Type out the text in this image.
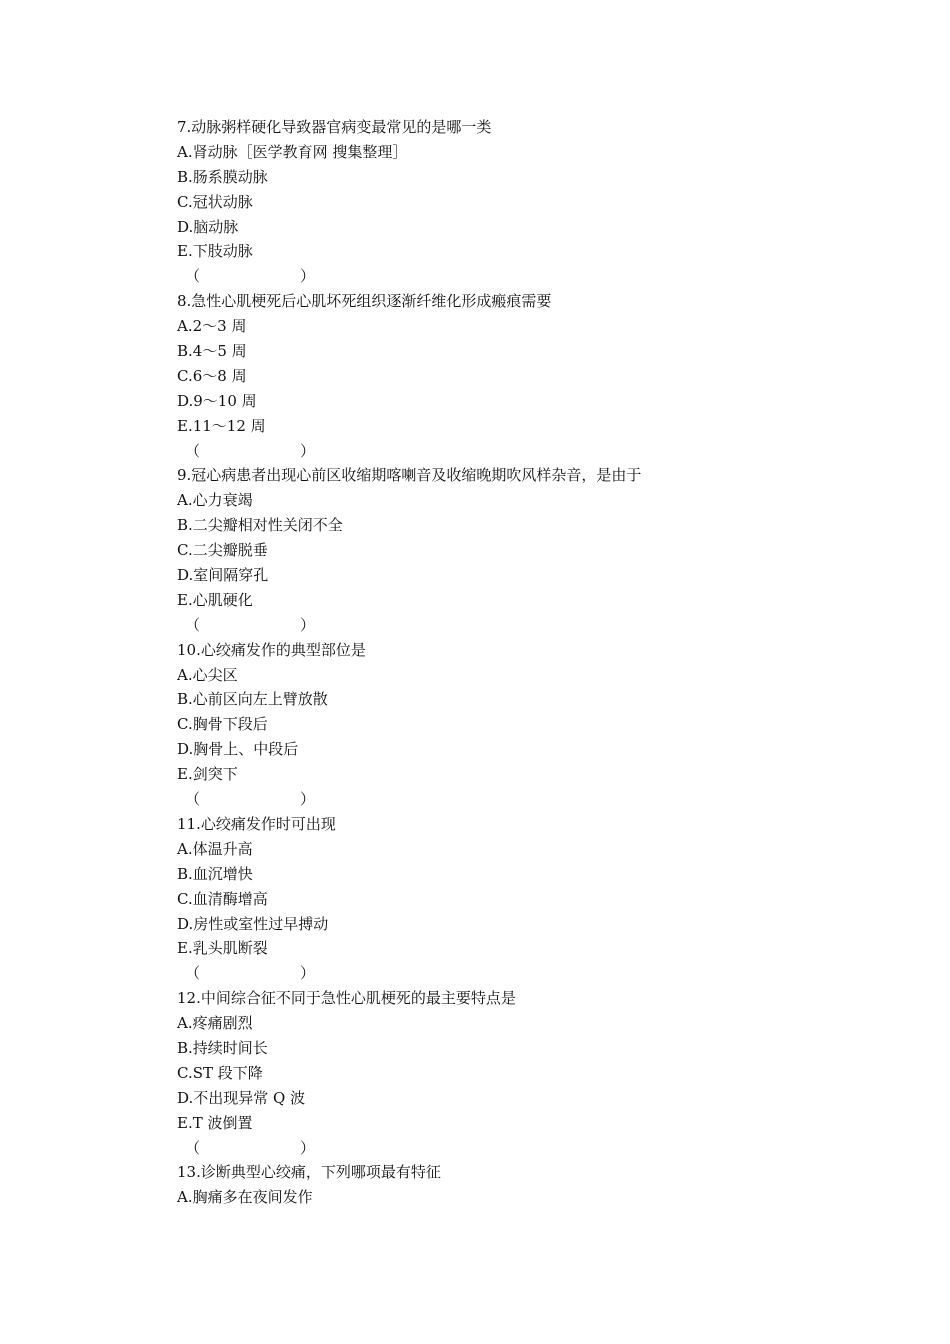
7.动脉粥样硬化导致器官病变最常见的是哪一类
A.肾动脉［医学教育网 搜集整理］
B.肠系膜动脉
C.冠状动脉
D.脑动脉
E.下肢动脉
（	）
8.急性心肌梗死后心肌坏死组织逐渐纤维化形成瘢痕需要
A.2～3 周
B.4～5 周
C.6～8 周
D.9～10 周
E.11～12 周
（	）
9.冠心病患者出现心前区收缩期喀喇音及收缩晚期吹风样杂音，是由于
A.心力衰竭
B.二尖瓣相对性关闭不全
C.二尖瓣脱垂
D.室间隔穿孔
E.心肌硬化
（	）
10.心绞痛发作的典型部位是
A.心尖区
B.心前区向左上臂放散
C.胸骨下段后
D.胸骨上、中段后
E.剑突下
（	）
11.心绞痛发作时可出现
A.体温升高
B.血沉增快
C.血清酶增高
D.房性或室性过早搏动
E.乳头肌断裂
（	）
12.中间综合征不同于急性心肌梗死的最主要特点是
A.疼痛剧烈
B.持续时间长
C.ST 段下降
D.不出现异常 Q 波
E.T 波倒置
（	）
13.诊断典型心绞痛，下列哪项最有特征
A.胸痛多在夜间发作
